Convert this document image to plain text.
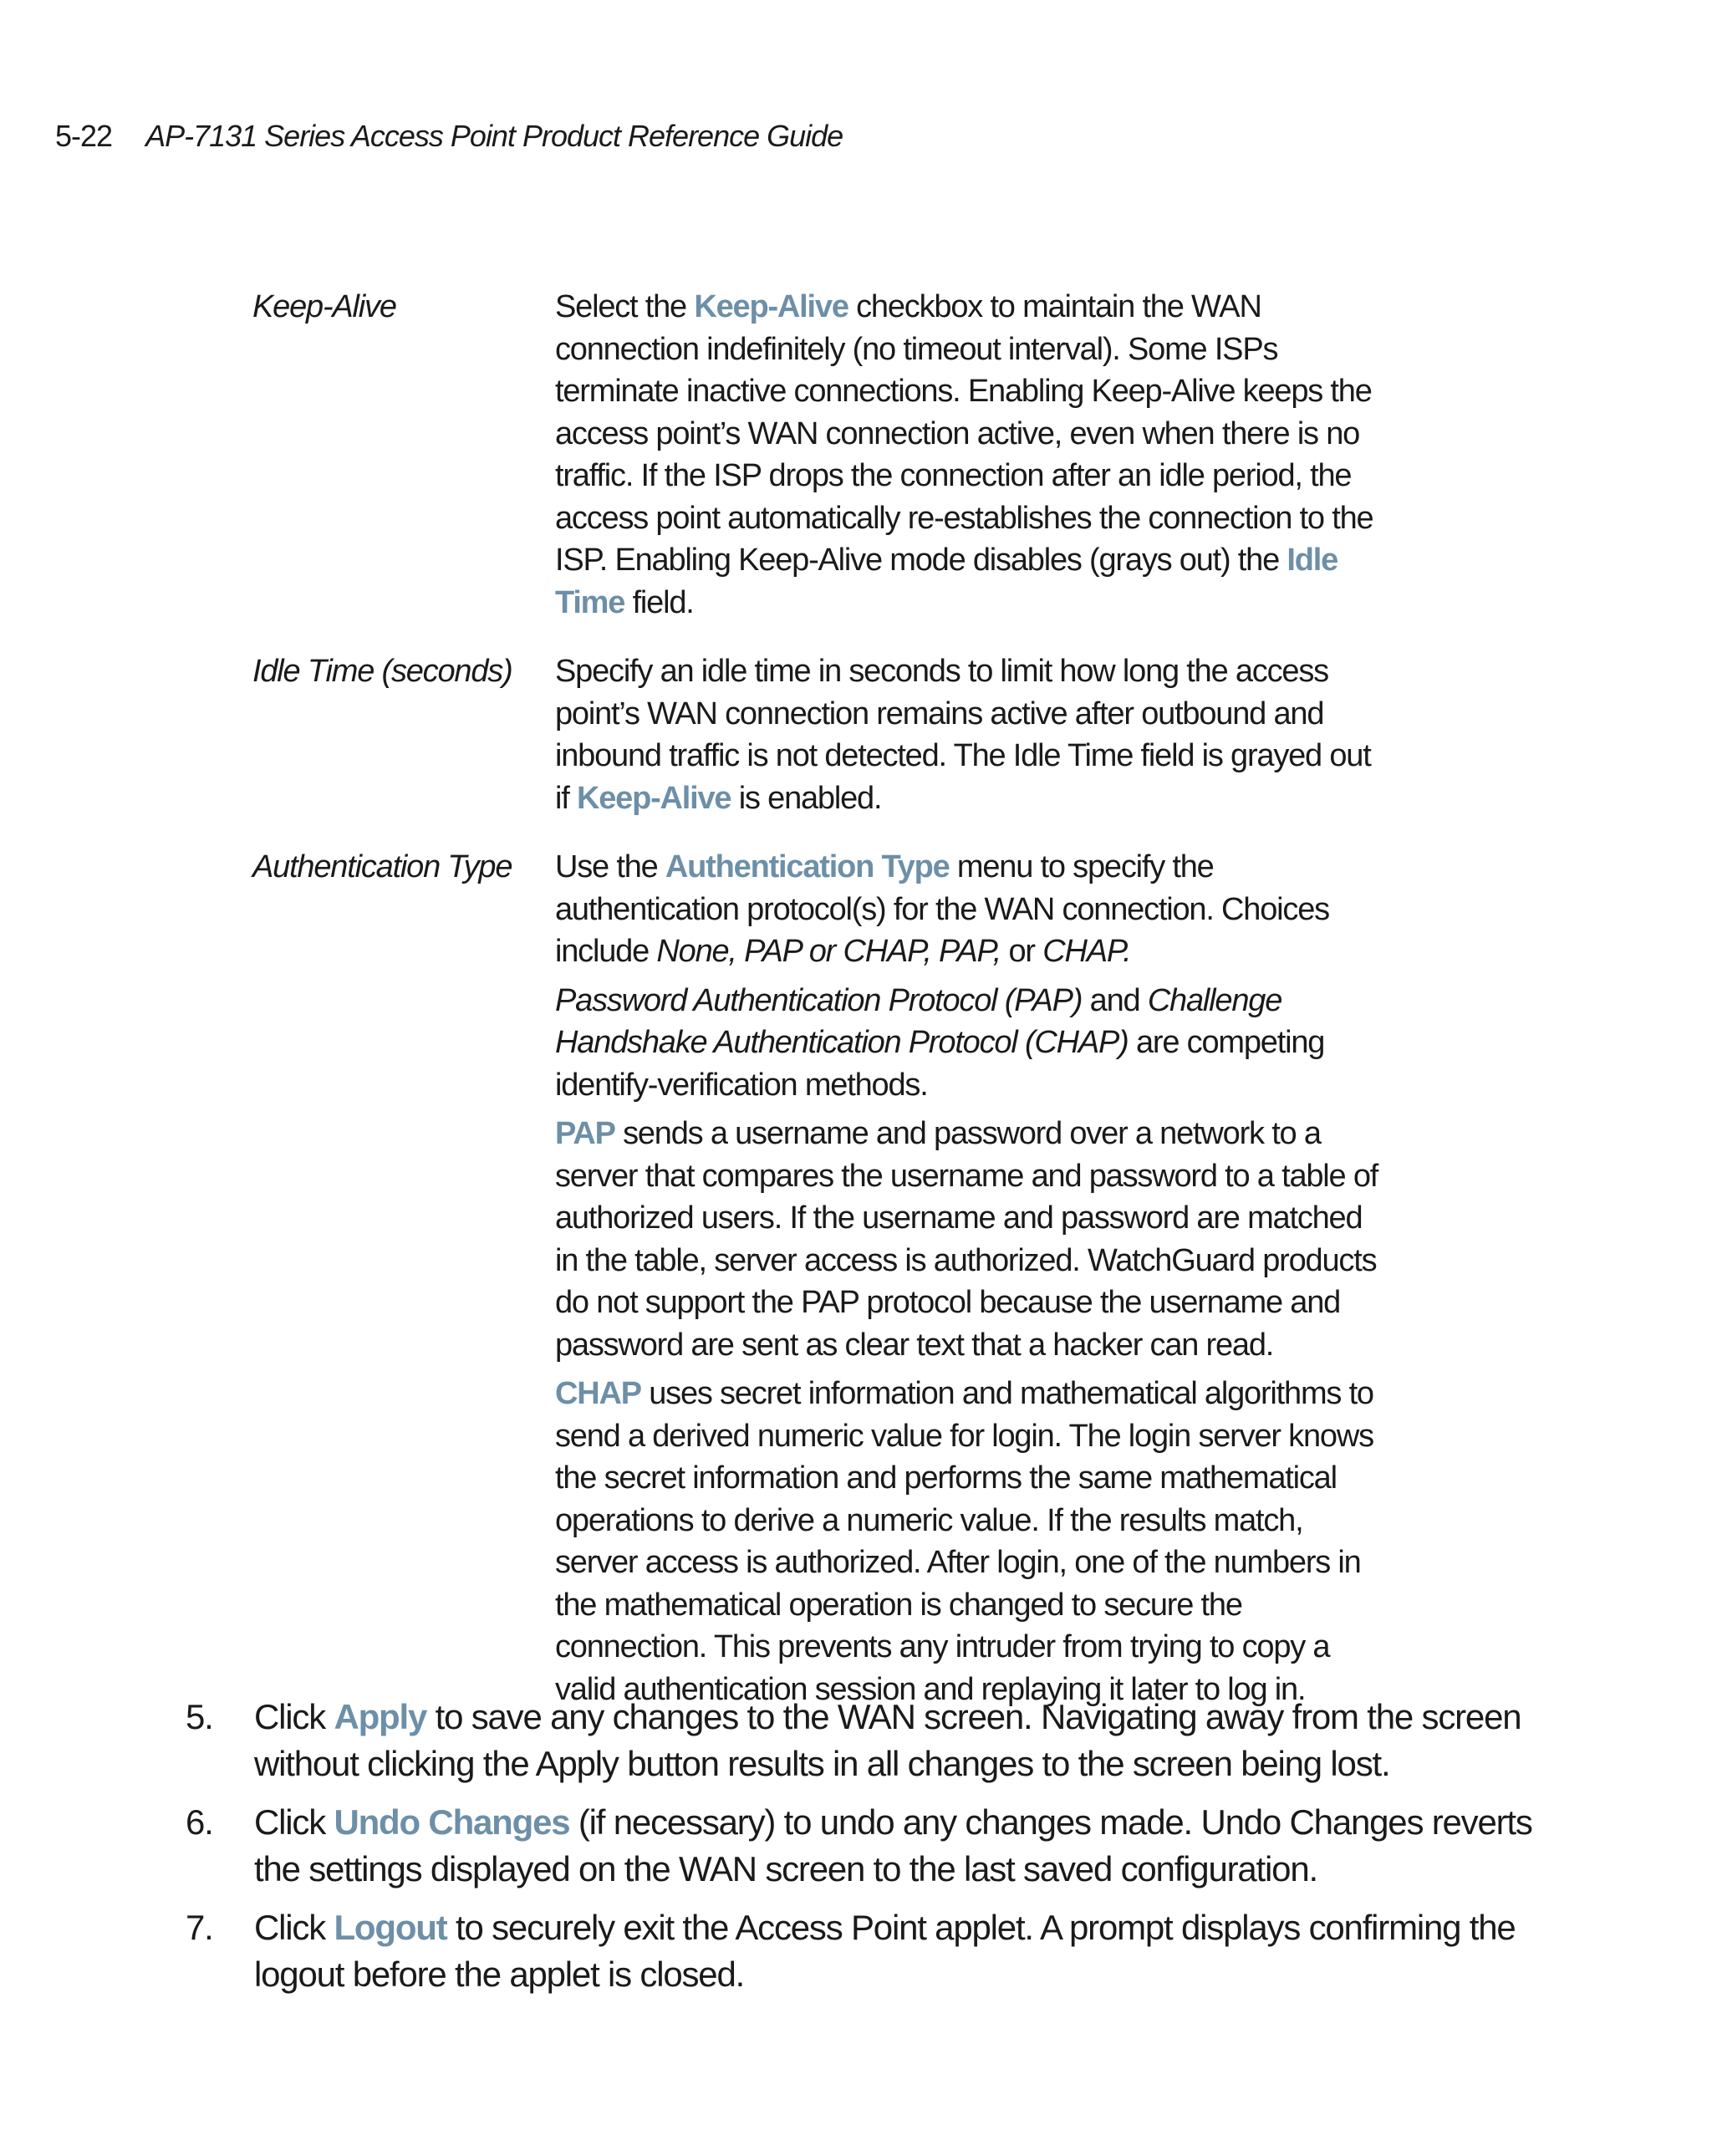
5-22 AP-7131 Series Access Point Product Reference Guide
Keep-Alive	Select the Keep-Alive checkbox to maintain the WAN connection indefinitely (no timeout interval). Some ISPs terminate inactive connections. Enabling Keep-Alive keeps the access point’s WAN connection active, even when there is no traffic. If the ISP drops the connection after an idle period, the access point automatically re-establishes the connection to the ISP. Enabling Keep-Alive mode disables (grays out) the Idle Time field.

Idle Time (seconds)	Specify an idle time in seconds to limit how long the access point’s WAN connection remains active after outbound and inbound traffic is not detected. The Idle Time field is grayed out if Keep-Alive is enabled.

Authentication Type	Use the Authentication Type menu to specify the authentication protocol(s) for the WAN connection. Choices include None, PAP or CHAP, PAP, or CHAP.

Password Authentication Protocol (PAP) and Challenge Handshake Authentication Protocol (CHAP) are competing identify-verification methods.

PAP sends a username and password over a network to a server that compares the username and password to a table of authorized users. If the username and password are matched in the table, server access is authorized. WatchGuard products do not support the PAP protocol because the username and password are sent as clear text that a hacker can read.

CHAP uses secret information and mathematical algorithms to send a derived numeric value for login. The login server knows the secret information and performs the same mathematical operations to derive a numeric value. If the results match, server access is authorized. After login, one of the numbers in the mathematical operation is changed to secure the connection. This prevents any intruder from trying to copy a valid authentication session and replaying it later to log in.

5.	Click Apply to save any changes to the WAN screen. Navigating away from the screen without clicking the Apply button results in all changes to the screen being lost.
6.	Click Undo Changes (if necessary) to undo any changes made. Undo Changes reverts the settings displayed on the WAN screen to the last saved configuration.
7.	Click Logout to securely exit the Access Point applet. A prompt displays confirming the logout before the applet is closed.
